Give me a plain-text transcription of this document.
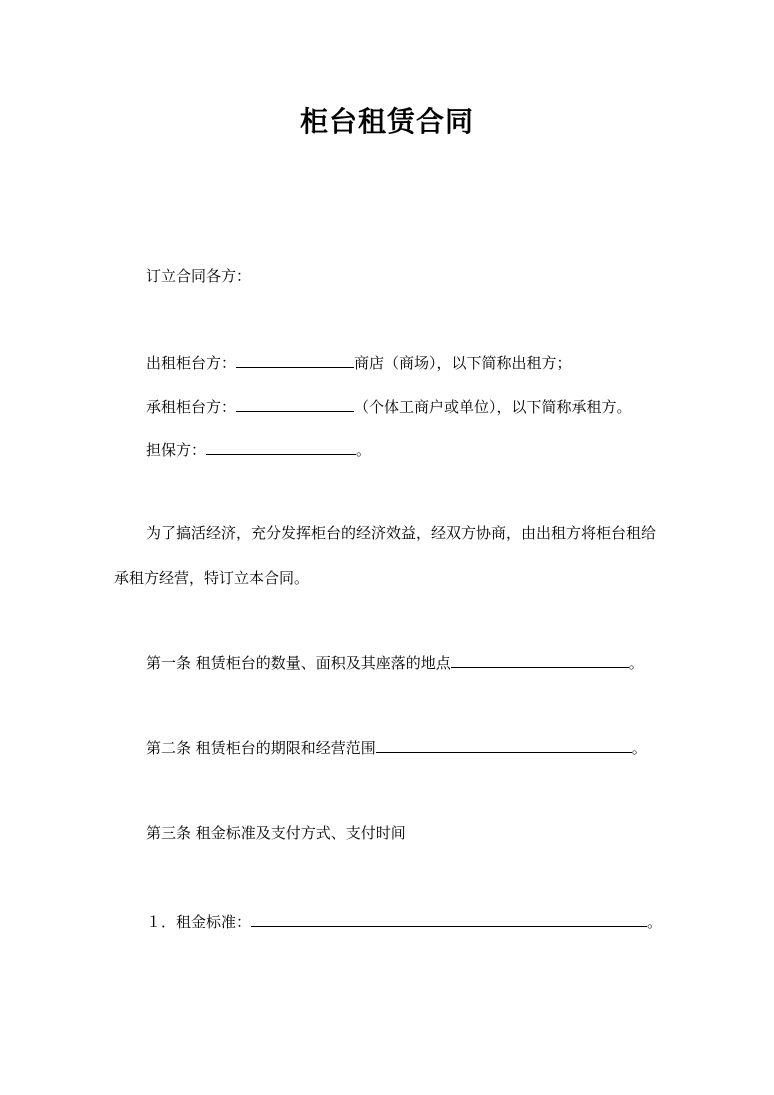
柜台租赁合同
订立合同各方：
出租柜台方：	商店（商场），以下简称出租方；
承租柜台方：	（个体工商户或单位），以下简称承租方。
担保方：	。
为了搞活经济，充分发挥柜台的经济效益，经双方协商，由出租方将柜台租给
承租方经营，特订立本合同。
第一条 租赁柜台的数量、面积及其座落的地点	。
第二条 租赁柜台的期限和经营范围	。
第三条 租金标准及支付方式、支付时间
１．租金标准：	。
